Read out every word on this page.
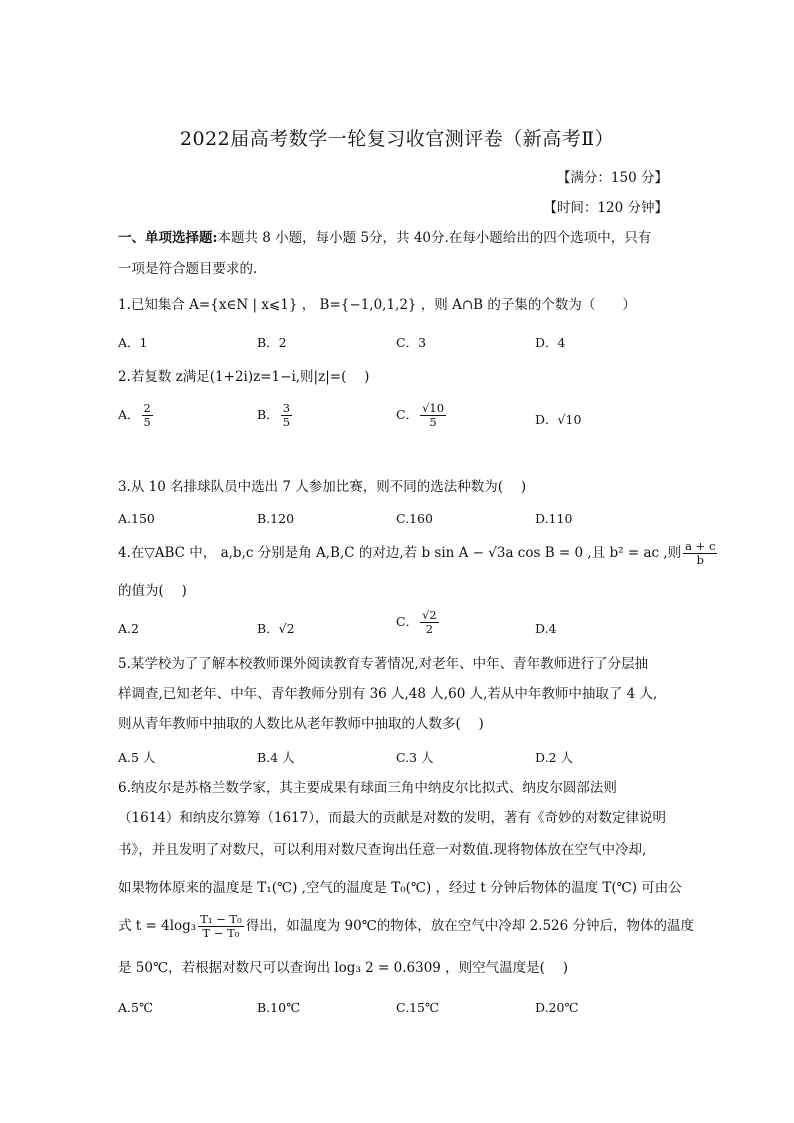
2022届高考数学一轮复习收官测评卷（新高考Ⅱ）
【满分：150 分】
【时间：120 分钟】
一、单项选择题:本题共 8 小题，每小题 5分，共 40分.在每小题给出的四个选项中，只有
一项是符合题目要求的.
1.已知集合 A={x∈N | x⩽1} ， B={−1,0,1,2} ，则 A∩B 的子集的个数为（　　）
A．1	B．2	C．3	D．4
2.若复数 z满足(1+2i)z=1−i,则|z|=(　 )
A． $\frac{2}{5}$	B． $\frac{3}{5}$	C． $\frac{√10}{5}$	D．√10
3.从 10 名排球队员中选出 7 人参加比赛，则不同的选法种数为(　 )
A.150	B.120	C.160	D.110
4.在▽ABC 中， a,b,c 分别是角 A,B,C 的对边,若 b sin A − √3a cos B = 0 ,且 b² = ac ,则 $\frac{a + c}{b}$
的值为(　 )
A.2	B．√2	C． $\frac{√2}{2}$	D.4
5.某学校为了了解本校教师课外阅读教育专著情况,对老年、中年、青年教师进行了分层抽
样调查,已知老年、中年、青年教师分别有 36 人,48 人,60 人,若从中年教师中抽取了 4 人,
则从青年教师中抽取的人数比从老年教师中抽取的人数多(　 )
A.5 人	B.4 人	C.3 人	D.2 人
6.纳皮尔是苏格兰数学家，其主要成果有球面三角中纳皮尔比拟式、纳皮尔圆部法则
（1614）和纳皮尔算筹（1617），而最大的贡献是对数的发明，著有《奇妙的对数定律说明
书》，并且发明了对数尺，可以利用对数尺查询出任意一对数值.现将物体放在空气中冷却,
如果物体原来的温度是 T₁(℃) ,空气的温度是 T₀(℃) ，经过 t 分钟后物体的温度 T(℃) 可由公
式 $t = 4\log_3 \frac{\text{T₁ − T₀}}{\text{T − T₀}}$ 得出，如温度为 90℃的物体，放在空气中冷却 2.526 分钟后，物体的温度
是 50℃，若根据对数尺可以查询出 log₃ 2 = 0.6309 ，则空气温度是(　 )
A.5℃	B.10℃	C.15℃	D.20℃
